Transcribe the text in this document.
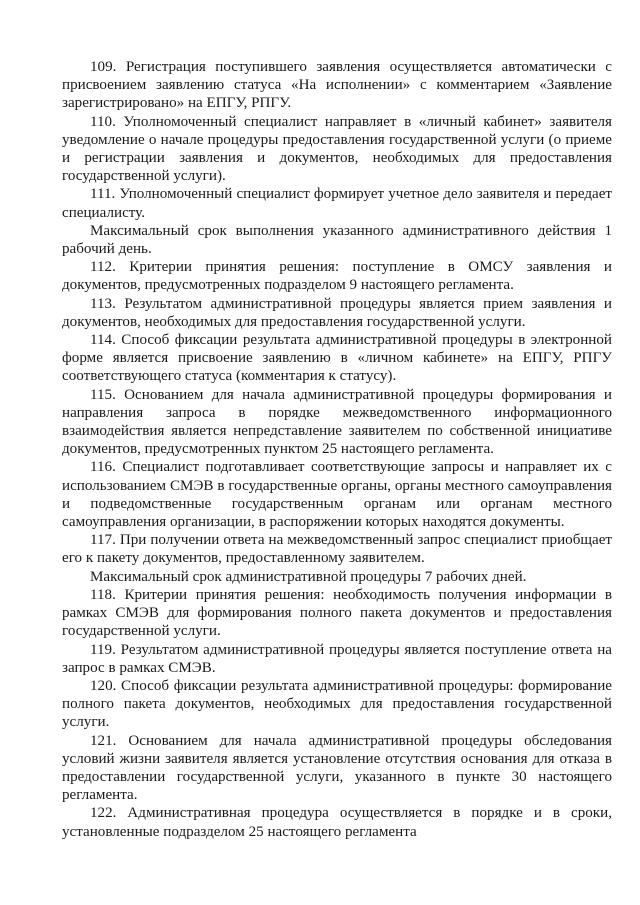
109. Регистрация поступившего заявления осуществляется автоматически с присвоением заявлению статуса «На исполнении» с комментарием «Заявление зарегистрировано» на ЕПГУ, РПГУ.

110. Уполномоченный специалист направляет в «личный кабинет» заявителя уведомление о начале процедуры предоставления государственной услуги (о приеме и регистрации заявления и документов, необходимых для предоставления государственной услуги).

111. Уполномоченный специалист формирует учетное дело заявителя и передает специалисту.

Максимальный срок выполнения указанного административного действия 1 рабочий день.

112. Критерии принятия решения: поступление в ОМСУ заявления и документов, предусмотренных подразделом 9 настоящего регламента.

113. Результатом административной процедуры является прием заявления и документов, необходимых для предоставления государственной услуги.

114. Способ фиксации результата административной процедуры в электронной форме является присвоение заявлению в «личном кабинете» на ЕПГУ, РПГУ соответствующего статуса (комментария к статусу).

115. Основанием для начала административной процедуры формирования и направления запроса в порядке межведомственного информационного взаимодействия является непредставление заявителем по собственной инициативе документов, предусмотренных пунктом 25 настоящего регламента.

116. Специалист подготавливает соответствующие запросы и направляет их с использованием СМЭВ в государственные органы, органы местного самоуправления и подведомственные государственным органам или органам местного самоуправления организации, в распоряжении которых находятся документы.

117. При получении ответа на межведомственный запрос специалист приобщает его к пакету документов, предоставленному заявителем.

Максимальный срок административной процедуры 7 рабочих дней.

118. Критерии принятия решения: необходимость получения информации в рамках СМЭВ для формирования полного пакета документов и предоставления государственной услуги.

119. Результатом административной процедуры является поступление ответа на запрос в рамках СМЭВ.

120. Способ фиксации результата административной процедуры: формирование полного пакета документов, необходимых для предоставления государственной услуги.

121. Основанием для начала административной процедуры обследования условий жизни заявителя является установление отсутствия основания для отказа в предоставлении государственной услуги, указанного в пункте 30 настоящего регламента.

122. Административная процедура осуществляется в порядке и в сроки, установленные подразделом 25 настоящего регламента
